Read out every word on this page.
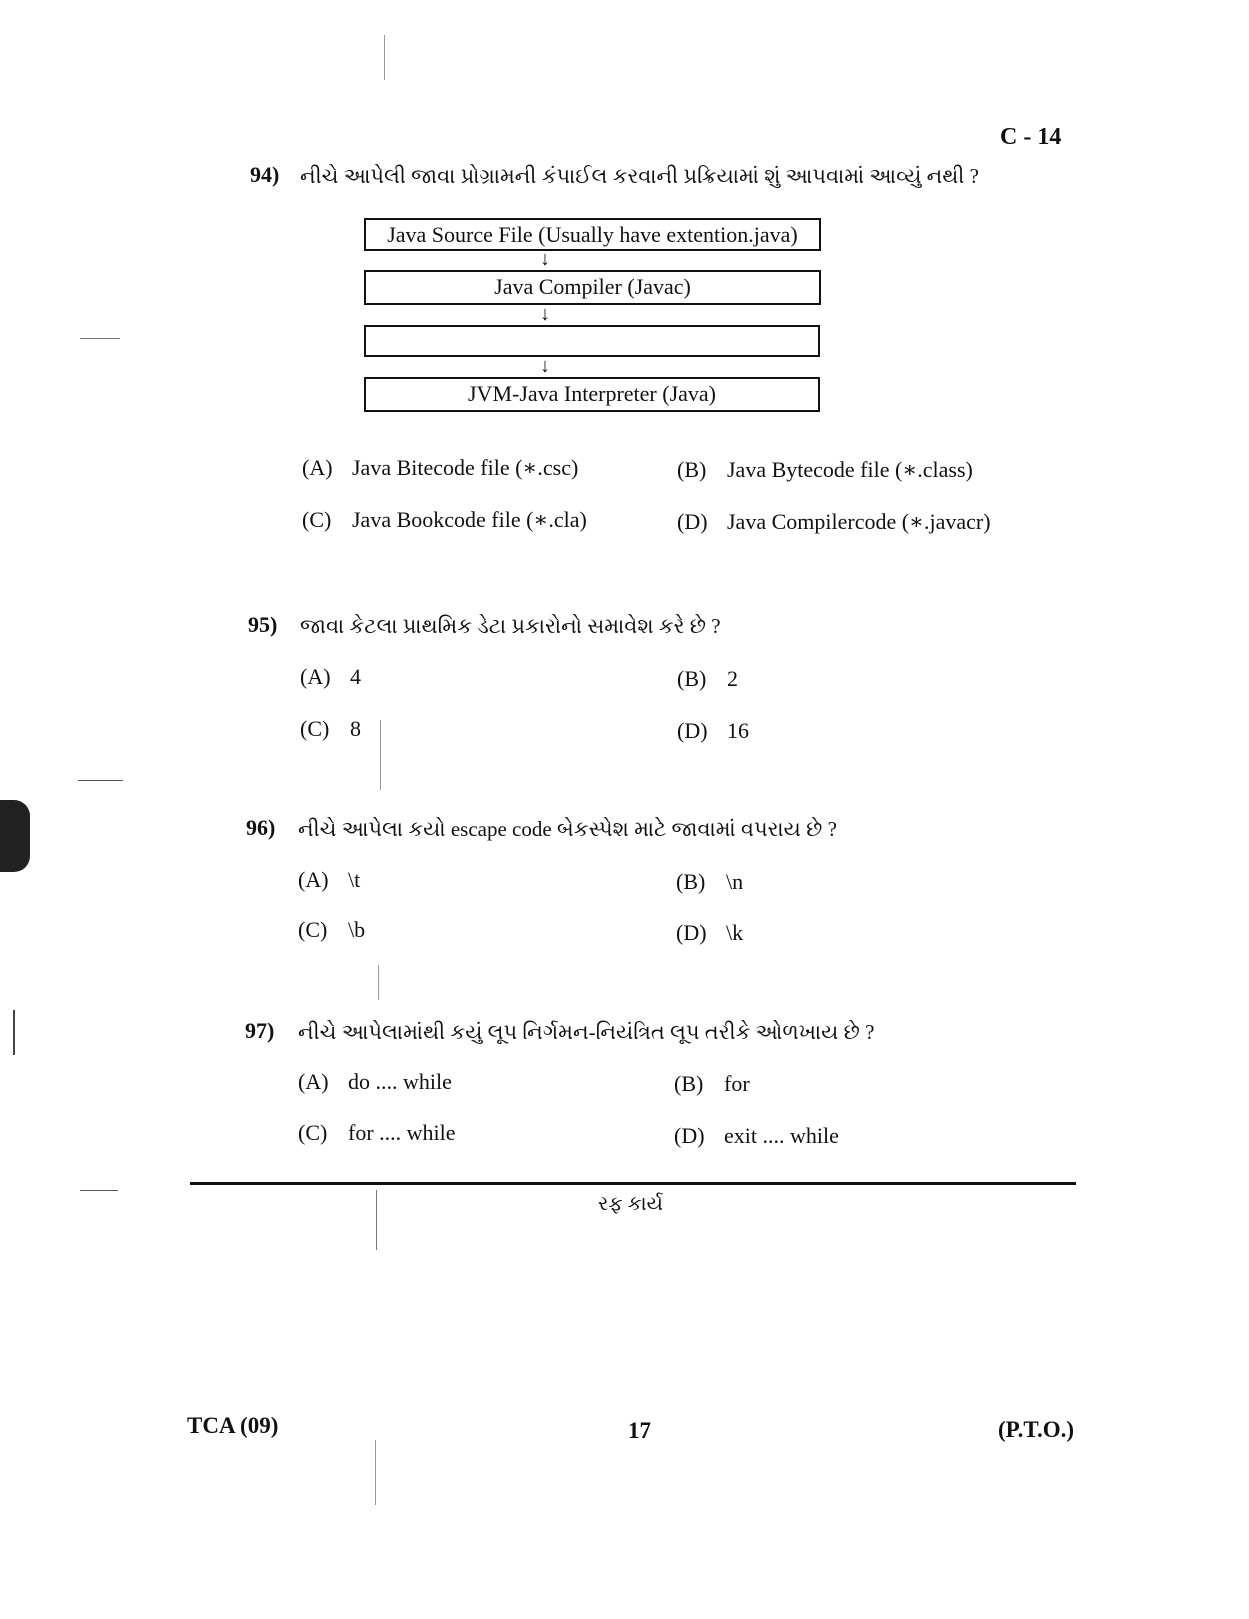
C - 14
94) નીચે આપેલી જાવા પ્રોગ્રામની કંપાઈલ કરવાની પ્રક્રિયામાં શું આપવામાં આવ્યું નથી ?
Java Source File (Usually have extention.java)
↓
Java Compiler (Javac)
↓
↓
JVM-Java Interpreter (Java)
(A) Java Bitecode file (∗.csc)	(B) Java Bytecode file (∗.class)
(C) Java Bookcode file (∗.cla)	(D) Java Compilercode (∗.javacr)
95) જાવા કેટલા પ્રાથમિક ડેટા પ્રકારોનો સમાવેશ કરે છે ?
(A) 4	(B) 2
(C) 8	(D) 16
96) નીચે આપેલા કયો escape code બેકસ્પેશ માટે જાવામાં વપરાય છે ?
(A) \t	(B) \n
(C) \b	(D) \k
97) નીચે આપેલામાંથી કયું લૂપ નિર્ગમન-નિયંત્રિત લૂપ તરીકે ઓળખાય છે ?
(A) do .... while	(B) for
(C) for .... while	(D) exit .... while
રફ કાર્ય
TCA (09)	17	(P.T.O.)
